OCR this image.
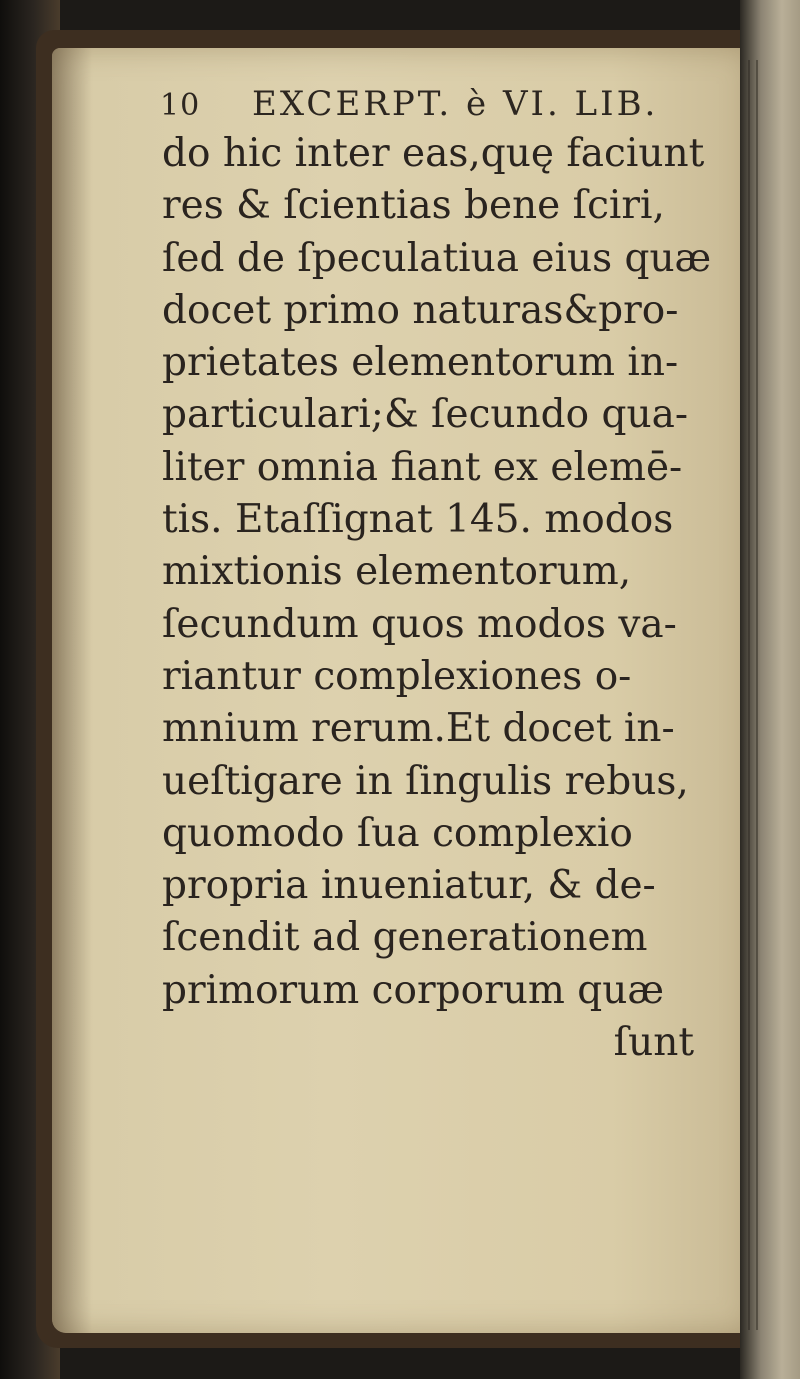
10 EXCERPT. è VI. LIB.
do hic inter eas,quę faciunt
res & ſcientias bene ſciri,
ſed de ſpeculatiua eius quæ
docet primo naturas&pro-
prietates elementorum in-
particulari;& ſecundo qua-
liter omnia fiant ex elemē-
tis. Etaſſignat 145. modos
mixtionis elementorum,
ſecundum quos modos va-
riantur complexiones o-
mnium rerum.Et docet in-
ueſtigare in ſingulis rebus,
quomodo ſua complexio
propria inueniatur, & de-
ſcendit ad generationem
primorum corporum quæ
ſunt
